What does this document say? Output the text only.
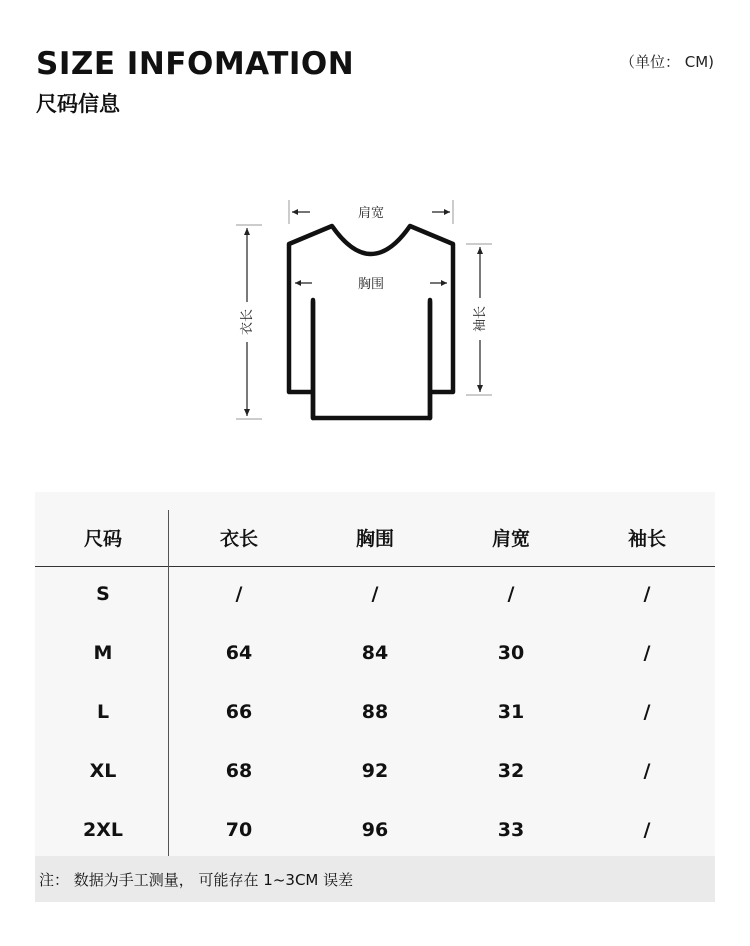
SIZE INFOMATION
尺码信息
（单位： CM)
肩宽
胸围
衣长	袖长
尺码	衣长	胸围	肩宽	袖长
S	/	/	/	/
M	64	84	30	/
L	66	88	31	/
XL	68	92	32	/
2XL	70	96	33	/
注： 数据为手工测量， 可能存在 1~3CM 误差
